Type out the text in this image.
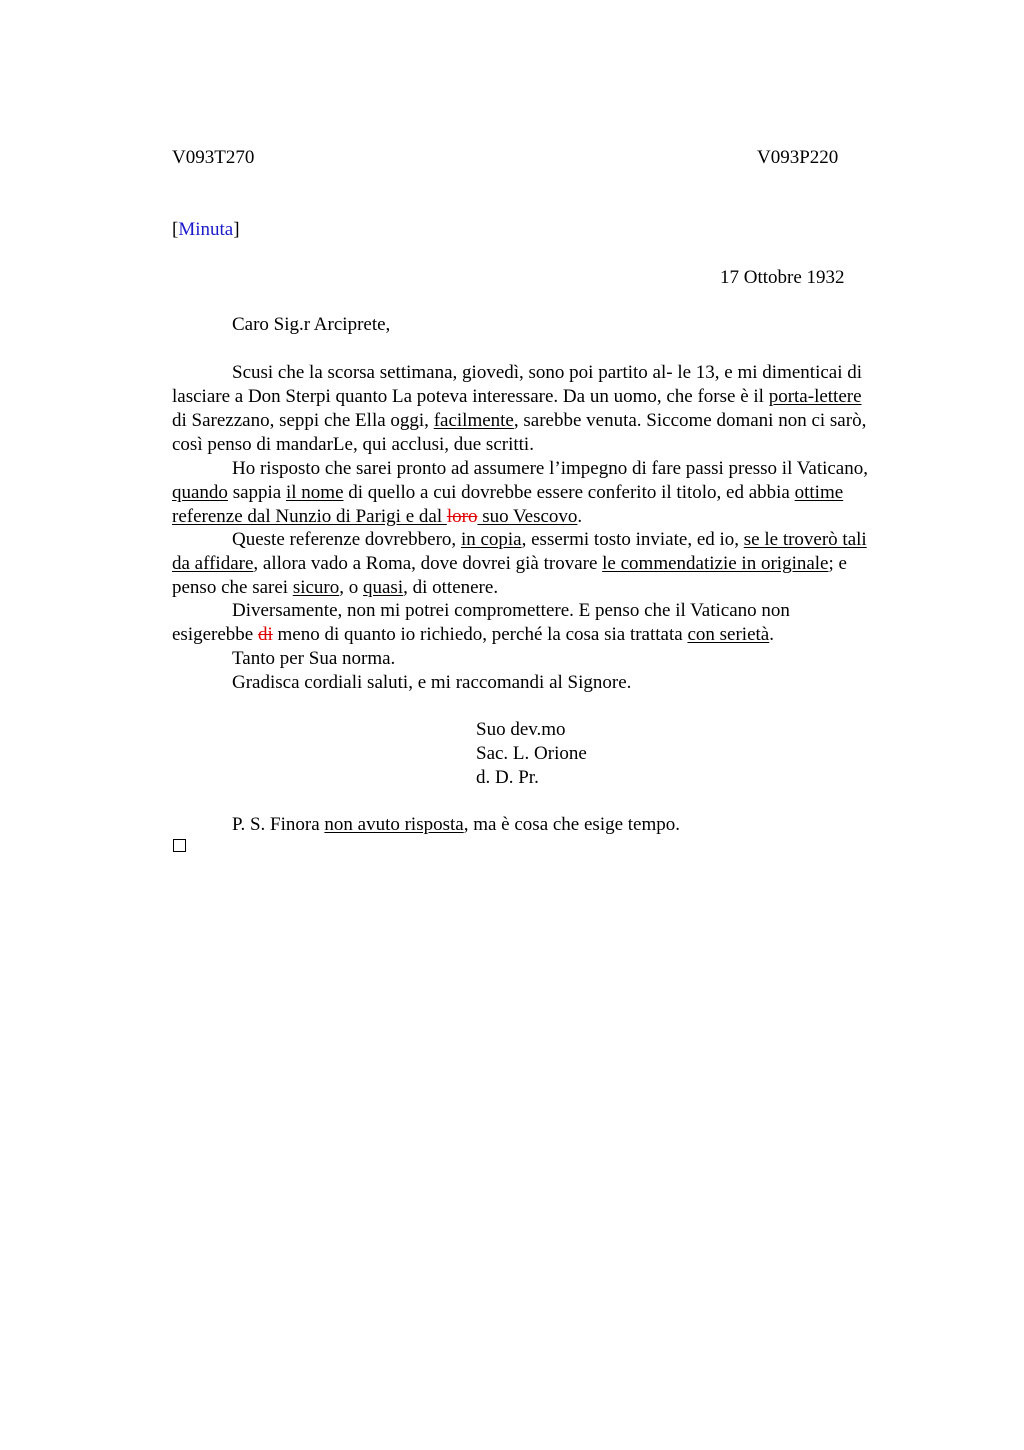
V093T270	V093P220
[Minuta]
17 Ottobre 1932
Caro Sig.r Arciprete,
Scusi che la scorsa settimana, giovedì, sono poi partito al- le 13, e mi dimenticai di
lasciare a Don Sterpi quanto La poteva interessare. Da un uomo, che forse è il porta-lettere
di Sarezzano, seppi che Ella oggi, facilmente, sarebbe venuta. Siccome domani non ci sarò,
così penso di mandarLe, qui acclusi, due scritti.
Ho risposto che sarei pronto ad assumere l’impegno di fare passi presso il Vaticano,
quando sappia il nome di quello a cui dovrebbe essere conferito il titolo, ed abbia ottime
referenze dal Nunzio di Parigi e dal loro suo Vescovo.
Queste referenze dovrebbero, in copia, essermi tosto inviate, ed io, se le troverò tali
da affidare, allora vado a Roma, dove dovrei già trovare le commendatizie in originale; e
penso che sarei sicuro, o quasi, di ottenere.
Diversamente, non mi potrei compromettere. E penso che il Vaticano non
esigerebbe di meno di quanto io richiedo, perché la cosa sia trattata con serietà.
Tanto per Sua norma.
Gradisca cordiali saluti, e mi raccomandi al Signore.
Suo dev.mo
Sac. L. Orione
d. D. Pr.
P. S. Finora non avuto risposta, ma è cosa che esige tempo.
